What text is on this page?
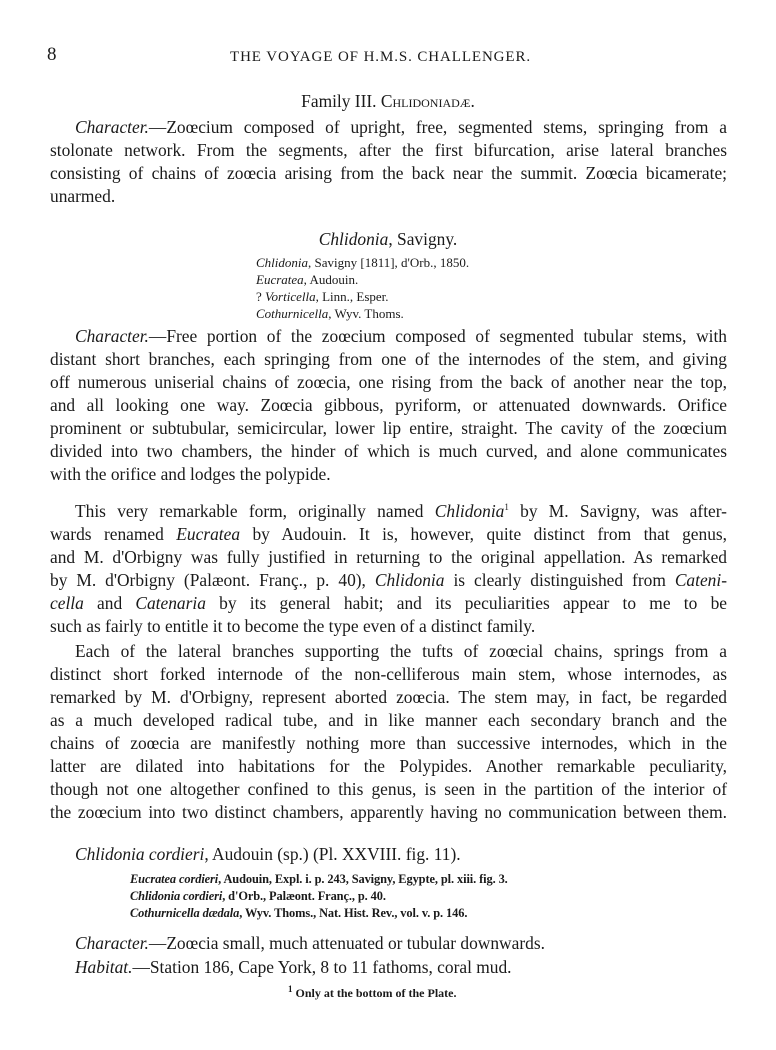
8	THE VOYAGE OF H.M.S. CHALLENGER.
Family III. Chlidoniadæ.
Character.—Zoœcium composed of upright, free, segmented stems, springing from a
stolonate network. From the segments, after the first bifurcation, arise lateral branches
consisting of chains of zoœcia arising from the back near the summit. Zoœcia bicamerate;
unarmed.
Chlidonia, Savigny.
Chlidonia, Savigny [1811], d'Orb., 1850.
Eucratea, Audouin.
? Vorticella, Linn., Esper.
Cothurnicella, Wyv. Thoms.
Character.—Free portion of the zoœcium composed of segmented tubular stems, with
distant short branches, each springing from one of the internodes of the stem, and giving
off numerous uniserial chains of zoœcia, one rising from the back of another near the top,
and all looking one way. Zoœcia gibbous, pyriform, or attenuated downwards. Orifice
prominent or subtubular, semicircular, lower lip entire, straight. The cavity of the zoœcium
divided into two chambers, the hinder of which is much curved, and alone communicates
with the orifice and lodges the polypide.
This very remarkable form, originally named Chlidonia$^1$ by M. Savigny, was after-
wards renamed Eucratea by Audouin. It is, however, quite distinct from that genus,
and M. d'Orbigny was fully justified in returning to the original appellation. As remarked
by M. d'Orbigny (Palæont. Franç., p. 40), Chlidonia is clearly distinguished from Cateni-
cella and Catenaria by its general habit; and its peculiarities appear to me to be
such as fairly to entitle it to become the type even of a distinct family.
Each of the lateral branches supporting the tufts of zoœcial chains, springs from a
distinct short forked internode of the non-celliferous main stem, whose internodes, as
remarked by M. d'Orbigny, represent aborted zoœcia. The stem may, in fact, be regarded
as a much developed radical tube, and in like manner each secondary branch and the
chains of zoœcia are manifestly nothing more than successive internodes, which in the
latter are dilated into habitations for the Polypides. Another remarkable peculiarity,
though not one altogether confined to this genus, is seen in the partition of the interior of
the zoœcium into two distinct chambers, apparently having no communication between them.
Chlidonia cordieri, Audouin (sp.) (Pl. XXVIII. fig. 11).
Eucratea cordieri, Audouin, Expl. i. p. 243, Savigny, Egypte, pl. xiii. fig. 3.
Chlidonia cordieri, d'Orb., Palæont. Franç., p. 40.
Cothurnicella dædala, Wyv. Thoms., Nat. Hist. Rev., vol. v. p. 146.
Character.—Zoœcia small, much attenuated or tubular downwards.
Habitat.—Station 186, Cape York, 8 to 11 fathoms, coral mud.
$^1$ Only at the bottom of the Plate.
